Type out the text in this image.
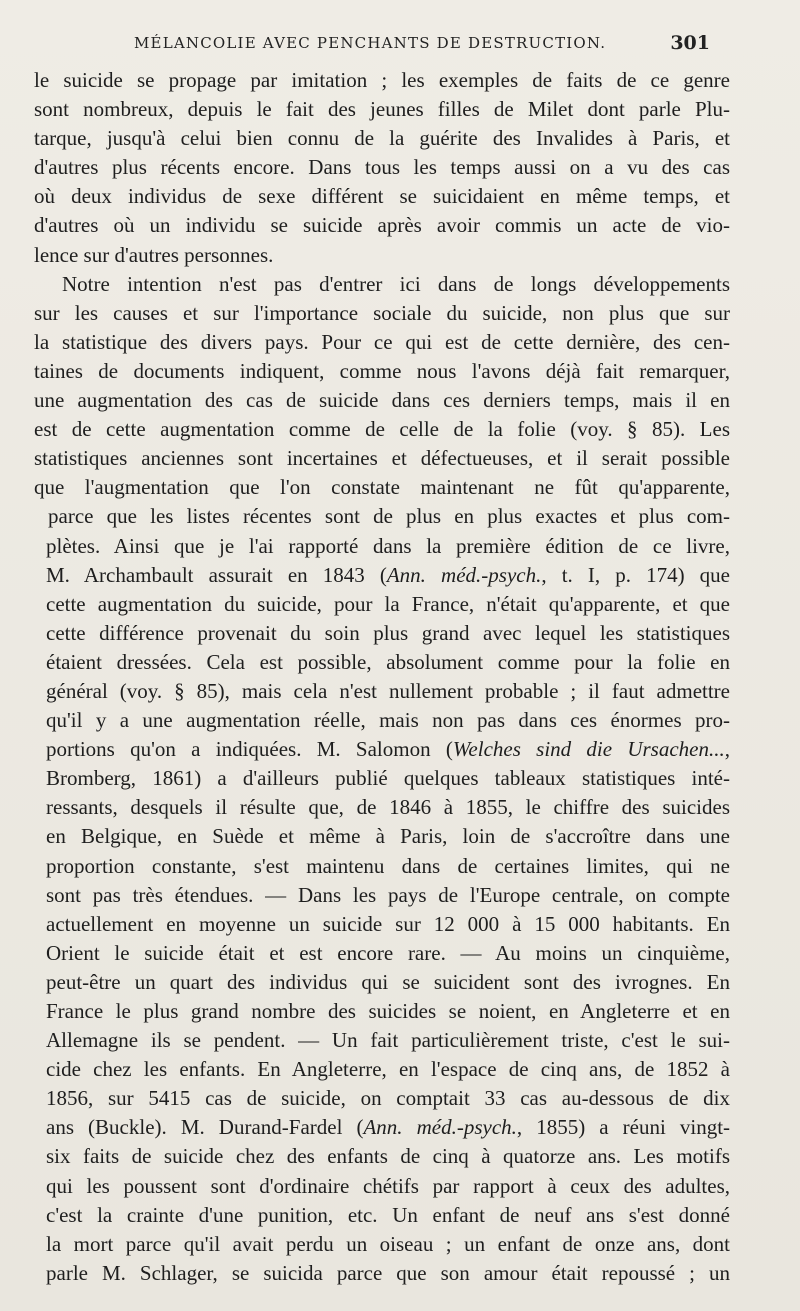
MÉLANCOLIE AVEC PENCHANTS DE DESTRUCTION.	301
le suicide se propage par imitation ; les exemples de faits de ce genre
sont nombreux, depuis le fait des jeunes filles de Milet dont parle Plu-
tarque, jusqu'à celui bien connu de la guérite des Invalides à Paris, et
d'autres plus récents encore. Dans tous les temps aussi on a vu des cas
où deux individus de sexe différent se suicidaient en même temps, et
d'autres où un individu se suicide après avoir commis un acte de vio-
lence sur d'autres personnes.
Notre intention n'est pas d'entrer ici dans de longs développements
sur les causes et sur l'importance sociale du suicide, non plus que sur
la statistique des divers pays. Pour ce qui est de cette dernière, des cen-
taines de documents indiquent, comme nous l'avons déjà fait remarquer,
une augmentation des cas de suicide dans ces derniers temps, mais il en
est de cette augmentation comme de celle de la folie (voy. § 85). Les
statistiques anciennes sont incertaines et défectueuses, et il serait possible
que l'augmentation que l'on constate maintenant ne fût qu'apparente,
parce que les listes récentes sont de plus en plus exactes et plus com-
plètes. Ainsi que je l'ai rapporté dans la première édition de ce livre,
M. Archambault assurait en 1843 (Ann. méd.-psych., t. I, p. 174) que
cette augmentation du suicide, pour la France, n'était qu'apparente, et que
cette différence provenait du soin plus grand avec lequel les statistiques
étaient dressées. Cela est possible, absolument comme pour la folie en
général (voy. § 85), mais cela n'est nullement probable ; il faut admettre
qu'il y a une augmentation réelle, mais non pas dans ces énormes pro-
portions qu'on a indiquées. M. Salomon (Welches sind die Ursachen...,
Bromberg, 1861) a d'ailleurs publié quelques tableaux statistiques inté-
ressants, desquels il résulte que, de 1846 à 1855, le chiffre des suicides
en Belgique, en Suède et même à Paris, loin de s'accroître dans une
proportion constante, s'est maintenu dans de certaines limites, qui ne
sont pas très étendues. — Dans les pays de l'Europe centrale, on compte
actuellement en moyenne un suicide sur 12 000 à 15 000 habitants. En
Orient le suicide était et est encore rare. — Au moins un cinquième,
peut-être un quart des individus qui se suicident sont des ivrognes. En
France le plus grand nombre des suicides se noient, en Angleterre et en
Allemagne ils se pendent. — Un fait particulièrement triste, c'est le sui-
cide chez les enfants. En Angleterre, en l'espace de cinq ans, de 1852 à
1856, sur 5415 cas de suicide, on comptait 33 cas au-dessous de dix
ans (Buckle). M. Durand-Fardel (Ann. méd.-psych., 1855) a réuni vingt-
six faits de suicide chez des enfants de cinq à quatorze ans. Les motifs
qui les poussent sont d'ordinaire chétifs par rapport à ceux des adultes,
c'est la crainte d'une punition, etc. Un enfant de neuf ans s'est donné
la mort parce qu'il avait perdu un oiseau ; un enfant de onze ans, dont
parle M. Schlager, se suicida parce que son amour était repoussé ; un
